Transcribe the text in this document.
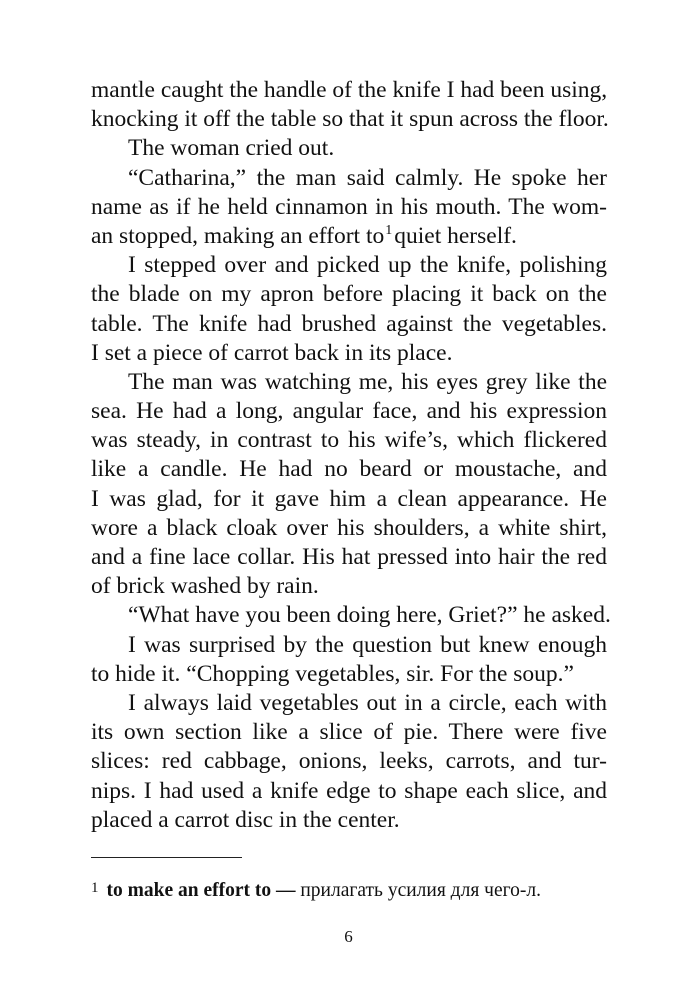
mantle caught the handle of the knife I had been using,
knocking it off the table so that it spun across the floor.
The woman cried out.
“Catharina,” the man said calmly. He spoke her
name as if he held cinnamon in his mouth. The wom-
an stopped, making an effort to$^1$quiet herself.
I stepped over and picked up the knife, polishing
the blade on my apron before placing it back on the
table. The knife had brushed against the vegetables.
I set a piece of carrot back in its place.
The man was watching me, his eyes grey like the
sea. He had a long, angular face, and his expression
was steady, in contrast to his wife’s, which flickered
like a candle. He had no beard or moustache, and
I was glad, for it gave him a clean appearance. He
wore a black cloak over his shoulders, a white shirt,
and a fine lace collar. His hat pressed into hair the red
of brick washed by rain.
“What have you been doing here, Griet?” he asked.
I was surprised by the question but knew enough
to hide it. “Chopping vegetables, sir. For the soup.”
I always laid vegetables out in a circle, each with
its own section like a slice of pie. There were five
slices: red cabbage, onions, leeks, carrots, and tur-
nips. I had used a knife edge to shape each slice, and
placed a carrot disc in the center.
$^1$ to make an effort to — прилагать усилия для чего-л.
6
